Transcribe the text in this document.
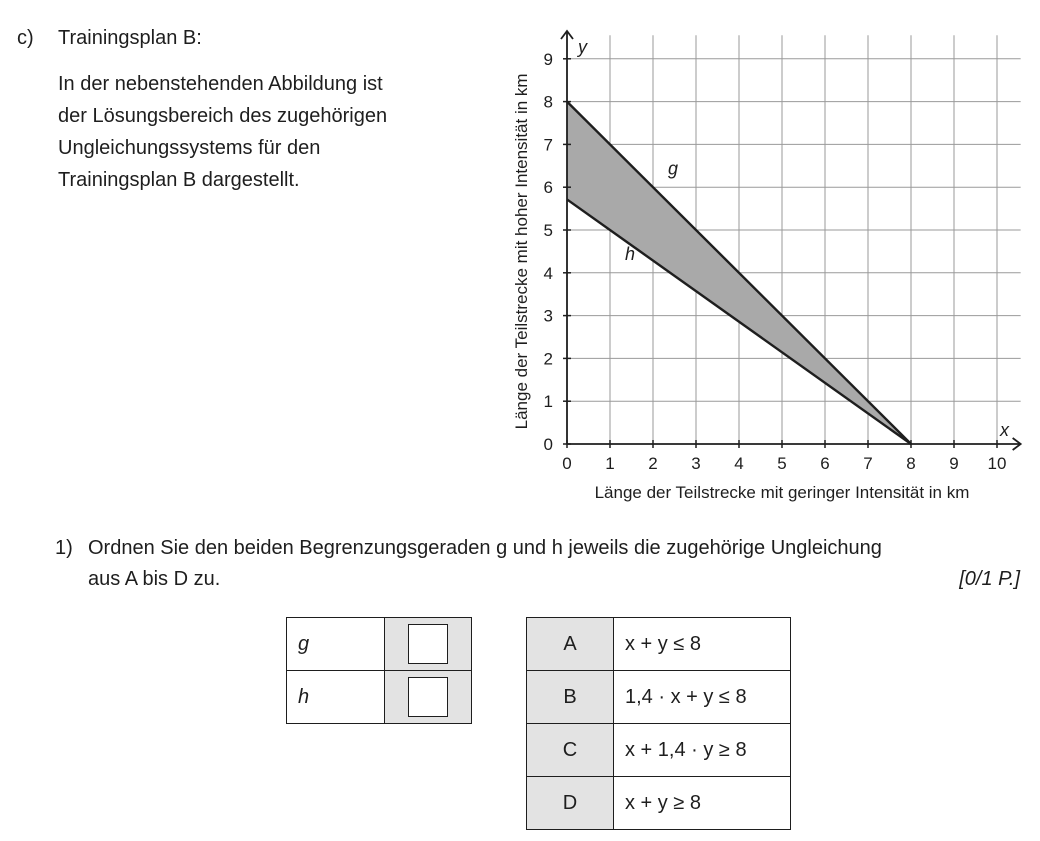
c) Trainingsplan B:
In der nebenstehenden Abbildung ist
der Lösungsbereich des zugehörigen
Ungleichungssystems für den
Trainingsplan B dargestellt.
g
h
0 1 2 3 4 5 6 7 8 9 10
0
1
2
3
4
5
6
7
8
9
x
y
Länge der Teilstrecke mit geringer Intensität in km
Länge der Teilstrecke mit hoher Intensität in km
1) Ordnen Sie den beiden Begrenzungsgeraden g und h jeweils die zugehörige Ungleichung
aus A bis D zu.	[0/1 P.]
g	
h	
A	x + y ≤ 8
B	1,4 · x + y ≤ 8
C	x + 1,4 · y ≥ 8
D	x + y ≥ 8
